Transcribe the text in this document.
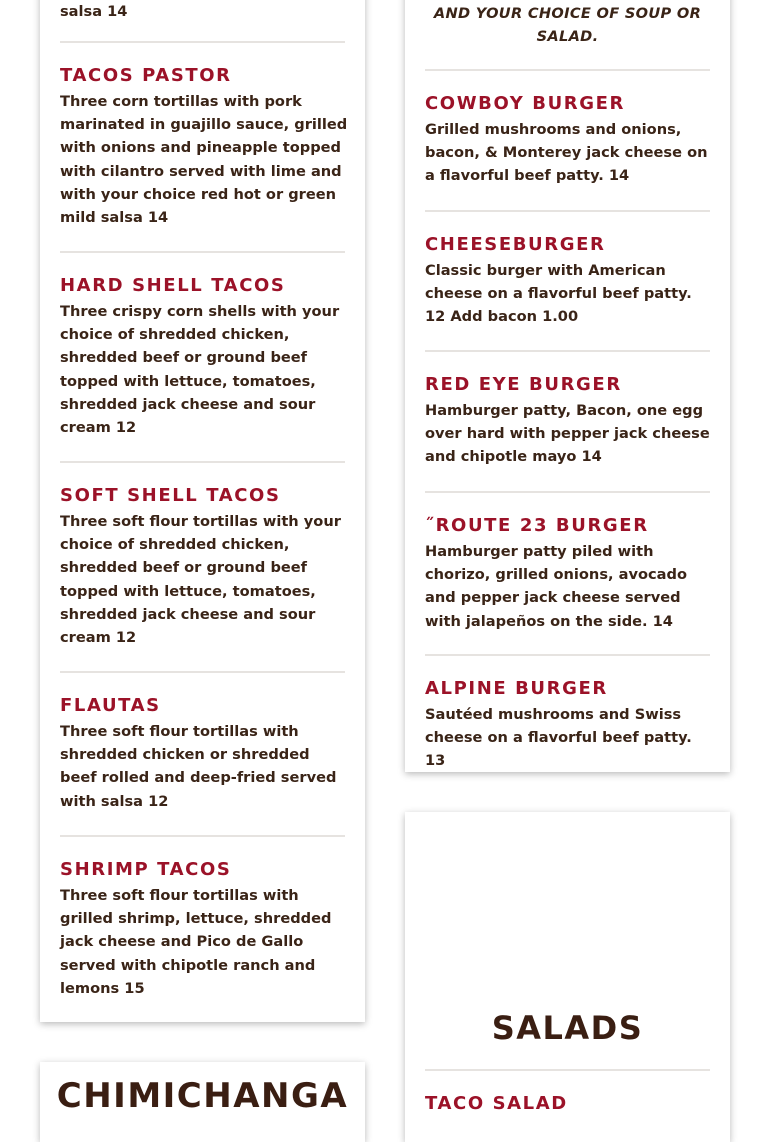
salsa 14
TACOS PASTOR
Three corn tortillas with pork marinated in guajillo sauce, grilled with onions and pineapple topped with cilantro served with lime and with your choice red hot or green mild salsa 14
HARD SHELL TACOS
Three crispy corn shells with your choice of shredded chicken, shredded beef or ground beef topped with lettuce, tomatoes, shredded jack cheese and sour cream 12
SOFT SHELL TACOS
Three soft flour tortillas with your choice of shredded chicken, shredded beef or ground beef topped with lettuce, tomatoes, shredded jack cheese and sour cream 12
FLAUTAS
Three soft flour tortillas with shredded chicken or shredded beef rolled and deep-fried served with salsa 12
SHRIMP TACOS
Three soft flour tortillas with grilled shrimp, lettuce, shredded jack cheese and Pico de Gallo served with chipotle ranch and lemons 15
AND YOUR CHOICE OF SOUP OR SALAD.
COWBOY BURGER
Grilled mushrooms and onions, bacon, & Monterey jack cheese on a flavorful beef patty. 14
CHEESEBURGER
Classic burger with American cheese on a flavorful beef patty. 12 Add bacon 1.00
RED EYE BURGER
Hamburger patty, Bacon, one egg over hard with pepper jack cheese and chipotle mayo 14
˝ROUTE 23 BURGER
Hamburger patty piled with chorizo, grilled onions, avocado and pepper jack cheese served with jalapeños on the side. 14
ALPINE BURGER
Sautéed mushrooms and Swiss cheese on a flavorful beef patty. 13
CHIMICHANGA
SALADS
TACO SALAD
